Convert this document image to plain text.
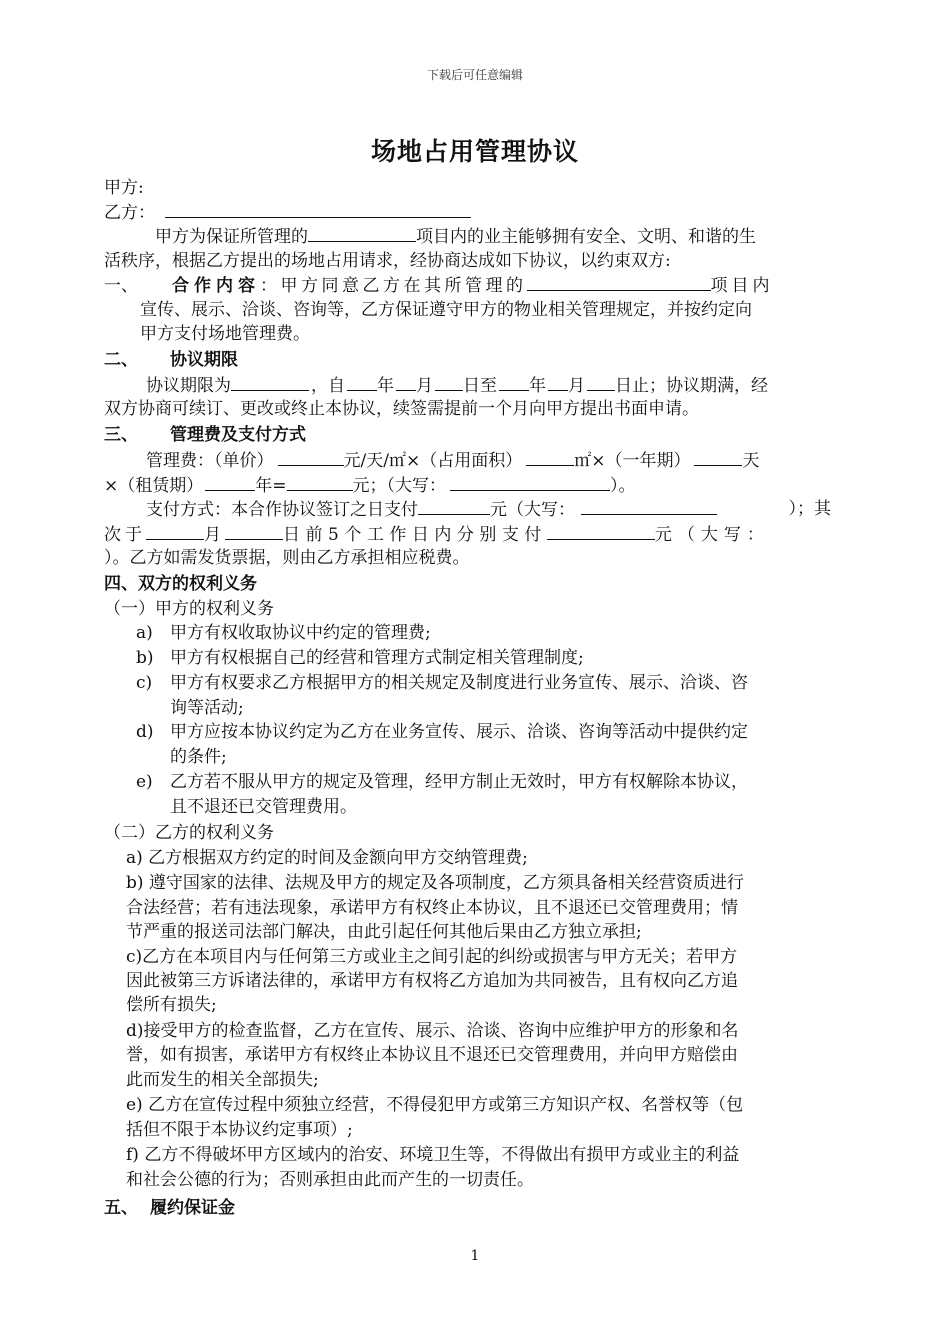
下载后可任意编辑
场地占用管理协议
甲方:
乙方：
甲方为保证所管理的	项目内的业主能够拥有安全、文明、和谐的生
活秩序，根据乙方提出的场地占用请求，经协商达成如下协议，以约束双方:
一、 合作内容：甲方同意乙方在其所管理的	项目内
宣传、展示、洽谈、咨询等，乙方保证遵守甲方的物业相关管理规定，并按约定向
甲方支付场地管理费。
二、 协议期限
协议期限为	，自 年 月 日至 年 月 日止；协议期满，经
双方协商可续订、更改或终止本协议，续签需提前一个月向甲方提出书面申请。
三、 管理费及支付方式
管理费：（单价）	元/天/㎡×（占用面积）	㎡×（一年期）	天
×（租赁期）	年=	元；（大写：	）。
支付方式：本合作协议签订之日支付	元（大写：	）；其
次于	月	日前5个工作日内分别支付	元（大写：
）。乙方如需发货票据，则由乙方承担相应税费。
四、双方的权利义务
（一）甲方的权利义务
a) 甲方有权收取协议中约定的管理费;
b) 甲方有权根据自己的经营和管理方式制定相关管理制度;
c) 甲方有权要求乙方根据甲方的相关规定及制度进行业务宣传、展示、洽谈、咨
询等活动;
d) 甲方应按本协议约定为乙方在业务宣传、展示、洽谈、咨询等活动中提供约定
的条件;
e) 乙方若不服从甲方的规定及管理，经甲方制止无效时，甲方有权解除本协议，
且不退还已交管理费用。
（二）乙方的权利义务
a) 乙方根据双方约定的时间及金额向甲方交纳管理费;
b) 遵守国家的法律、法规及甲方的规定及各项制度，乙方须具备相关经营资质进行
合法经营；若有违法现象，承诺甲方有权终止本协议，且不退还已交管理费用；情
节严重的报送司法部门解决，由此引起任何其他后果由乙方独立承担;
c)乙方在本项目内与任何第三方或业主之间引起的纠纷或损害与甲方无关；若甲方
因此被第三方诉诸法律的，承诺甲方有权将乙方追加为共同被告，且有权向乙方追
偿所有损失;
d)接受甲方的检查监督，乙方在宣传、展示、洽谈、咨询中应维护甲方的形象和名
誉，如有损害，承诺甲方有权终止本协议且不退还已交管理费用，并向甲方赔偿由
此而发生的相关全部损失;
e) 乙方在宣传过程中须独立经营，不得侵犯甲方或第三方知识产权、名誉权等（包
括但不限于本协议约定事项）;
f) 乙方不得破坏甲方区域内的治安、环境卫生等，不得做出有损甲方或业主的利益
和社会公德的行为；否则承担由此而产生的一切责任。
五、 履约保证金
1
